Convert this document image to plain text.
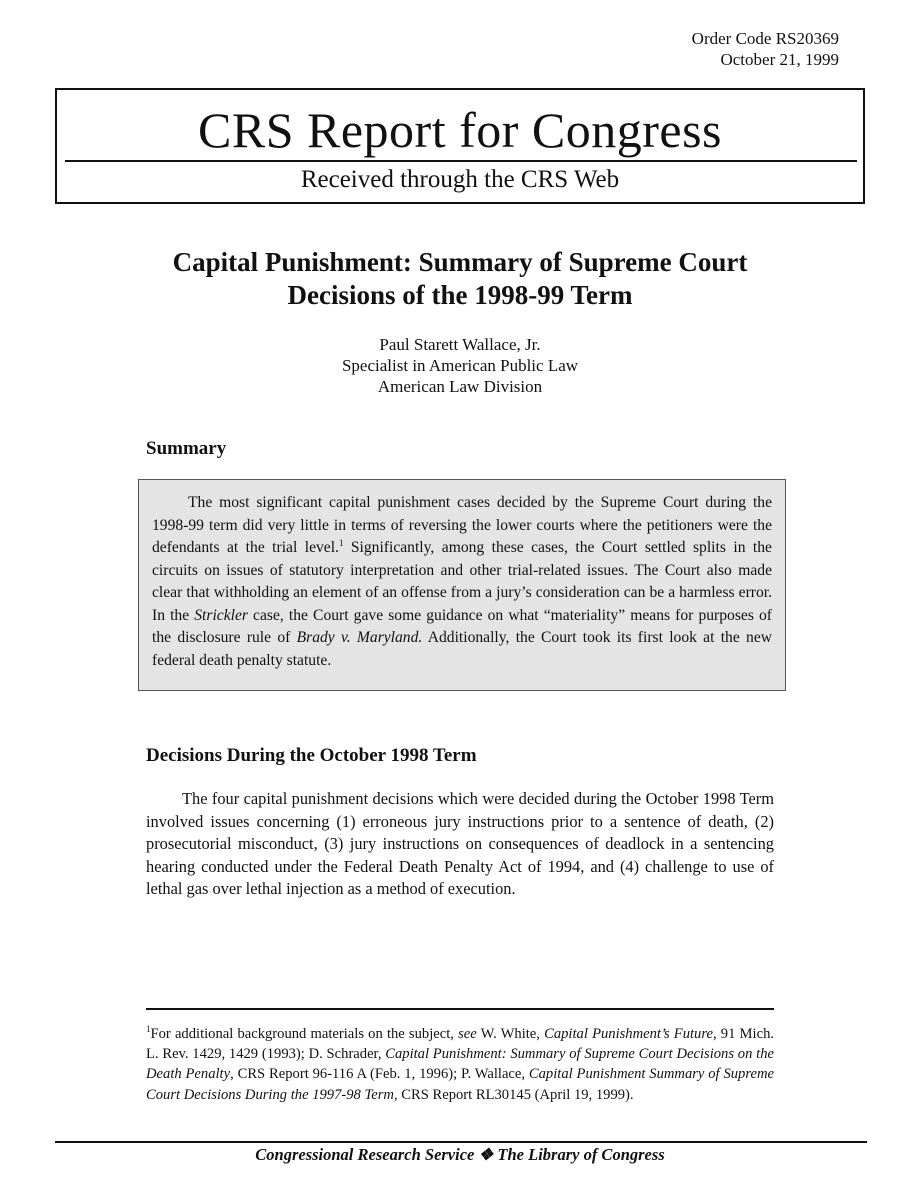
Order Code RS20369
October 21, 1999
CRS Report for Congress
Received through the CRS Web
Capital Punishment: Summary of Supreme Court
Decisions of the 1998-99 Term
Paul Starett Wallace, Jr.
Specialist in American Public Law
American Law Division
Summary

The most significant capital punishment cases decided by the Supreme Court during the 1998-99 term did very little in terms of reversing the lower courts where the petitioners were the defendants at the trial level.$^1$ Significantly, among these cases, the Court settled splits in the circuits on issues of statutory interpretation and other trial-related issues. The Court also made clear that withholding an element of an offense from a jury’s consideration can be a harmless error. In the Strickler case, the Court gave some guidance on what “materiality” means for purposes of the disclosure rule of Brady v. Maryland. Additionally, the Court took its first look at the new federal death penalty statute.

Decisions During the October 1998 Term

The four capital punishment decisions which were decided during the October 1998 Term involved issues concerning (1) erroneous jury instructions prior to a sentence of death, (2) prosecutorial misconduct, (3) jury instructions on consequences of deadlock in a sentencing hearing conducted under the Federal Death Penalty Act of 1994, and (4) challenge to use of lethal gas over lethal injection as a method of execution.

$^1$For additional background materials on the subject, see W. White, Capital Punishment’s Future, 91 Mich. L. Rev. 1429, 1429 (1993); D. Schrader, Capital Punishment: Summary of Supreme Court Decisions on the Death Penalty, CRS Report 96-116 A (Feb. 1, 1996); P. Wallace, Capital Punishment Summary of Supreme Court Decisions During the 1997-98 Term, CRS Report RL30145 (April 19, 1999).

Congressional Research Service ❖ The Library of Congress
